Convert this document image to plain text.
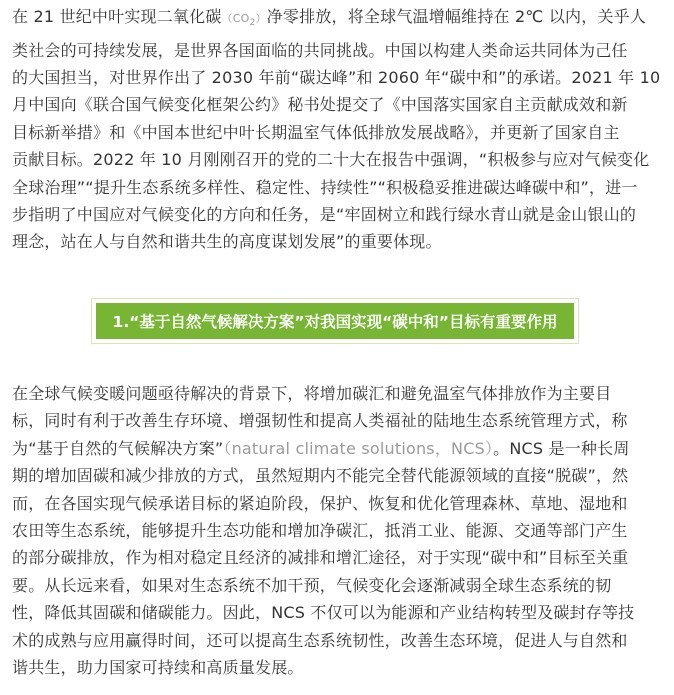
在 21 世纪中叶实现二氧化碳$(CO_2)$净零排放，将全球气温增幅维持在 2℃ 以内，关乎人
类社会的可持续发展，是世界各国面临的共同挑战。中国以构建人类命运共同体为己任
的大国担当，对世界作出了 2030 年前“碳达峰”和 2060 年“碳中和”的承诺。2021 年 10
月中国向《联合国气候变化框架公约》秘书处提交了《中国落实国家自主贡献成效和新
目标新举措》和《中国本世纪中叶长期温室气体低排放发展战略》，并更新了国家自主
贡献目标。2022 年 10 月刚刚召开的党的二十大在报告中强调，“积极参与应对气候变化
全球治理”“提升生态系统多样性、稳定性、持续性”“积极稳妥推进碳达峰碳中和”，进一
步指明了中国应对气候变化的方向和任务，是“牢固树立和践行绿水青山就是金山银山的
理念，站在人与自然和谐共生的高度谋划发展”的重要体现。
1.“基于自然气候解决方案”对我国实现“碳中和”目标有重要作用
在全球气候变暖问题亟待解决的背景下，将增加碳汇和避免温室气体排放作为主要目
标，同时有利于改善生存环境、增强韧性和提高人类福祉的陆地生态系统管理方式，称
为“基于自然的气候解决方案”（natural climate solutions，NCS）。NCS 是一种长周
期的增加固碳和减少排放的方式，虽然短期内不能完全替代能源领域的直接“脱碳”，然
而，在各国实现气候承诺目标的紧迫阶段，保护、恢复和优化管理森林、草地、湿地和
农田等生态系统，能够提升生态功能和增加净碳汇，抵消工业、能源、交通等部门产生
的部分碳排放，作为相对稳定且经济的减排和增汇途径，对于实现“碳中和”目标至关重
要。从长远来看，如果对生态系统不加干预，气候变化会逐渐减弱全球生态系统的韧
性，降低其固碳和储碳能力。因此，NCS 不仅可以为能源和产业结构转型及碳封存等技
术的成熟与应用赢得时间，还可以提高生态系统韧性，改善生态环境，促进人与自然和
谐共生，助力国家可持续和高质量发展。
